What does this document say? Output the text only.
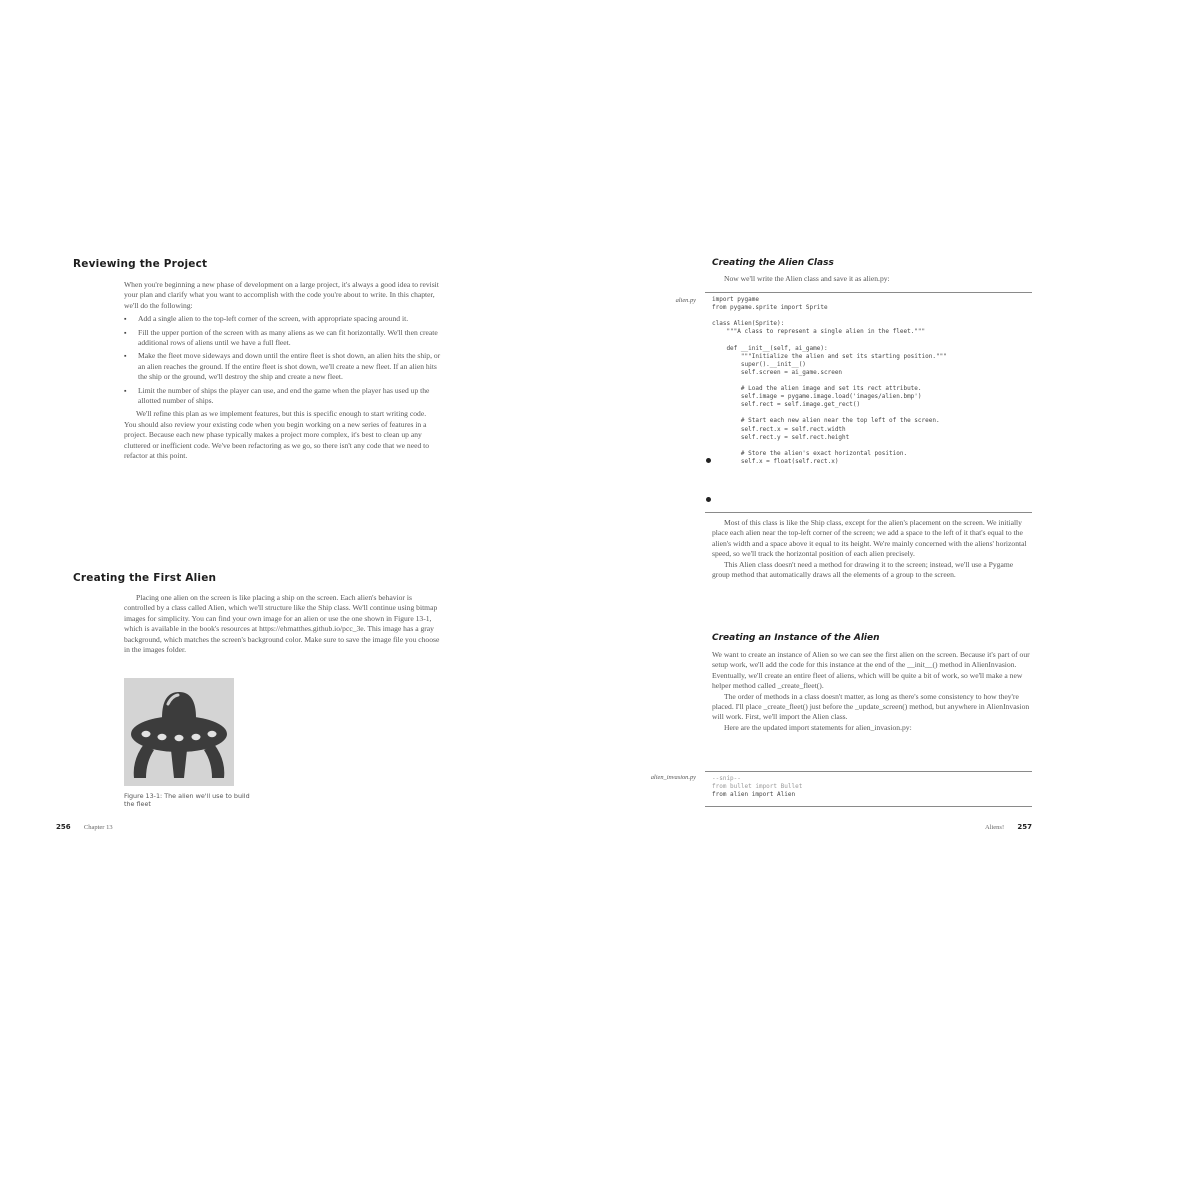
Reviewing the Project

When you're beginning a new phase of development on a large project, it's always a good idea to revisit your plan and clarify what you want to accomplish with the code you're about to write. In this chapter, we'll do the following:

▪ Add a single alien to the top-left corner of the screen, with appropriate spacing around it.
▪ Fill the upper portion of the screen with as many aliens as we can fit horizontally. We'll then create additional rows of aliens until we have a full fleet.
▪ Make the fleet move sideways and down until the entire fleet is shot down, an alien hits the ship, or an alien reaches the ground. If the entire fleet is shot down, we'll create a new fleet. If an alien hits the ship or the ground, we'll destroy the ship and create a new fleet.
▪ Limit the number of ships the player can use, and end the game when the player has used up the allotted number of ships.

We'll refine this plan as we implement features, but this is specific enough to start writing code.

You should also review your existing code when you begin working on a new series of features in a project. Because each new phase typically makes a project more complex, it's best to clean up any cluttered or inefficient code. We've been refactoring as we go, so there isn't any code that we need to refactor at this point.

Creating the First Alien

Placing one alien on the screen is like placing a ship on the screen. Each alien's behavior is controlled by a class called Alien, which we'll structure like the Ship class. We'll continue using bitmap images for simplicity. You can find your own image for an alien or use the one shown in Figure 13-1, which is available in the book's resources at https://ehmatthes.github.io/pcc_3e. This image has a gray background, which matches the screen's background color. Make sure to save the image file you choose in the images folder.

Figure 13-1: The alien we'll use to build the fleet
256 Chapter 13
Creating the Alien Class
Now we'll write the Alien class and save it as alien.py:
alien.py	import pygame
from pygame.sprite import Sprite

class Alien(Sprite):
"""A class to represent a single alien in the fleet."""

def __init__(self, ai_game):
"""Initialize the alien and set its starting position."""
super().__init__()
self.screen = ai_game.screen

# Load the alien image and set its rect attribute.
self.image = pygame.image.load('images/alien.bmp')
self.rect = self.image.get_rect()

# Start each new alien near the top left of the screen.
self.rect.x = self.rect.width
self.rect.y = self.rect.height

# Store the alien's exact horizontal position.
self.x = float(self.rect.x)

Most of this class is like the Ship class, except for the alien's placement on the screen. We initially place each alien near the top-left corner of the screen; we add a space to the left of it that's equal to the alien's width and a space above it equal to its height. We're mainly concerned with the aliens' horizontal speed, so we'll track the horizontal position of each alien precisely.

This Alien class doesn't need a method for drawing it to the screen; instead, we'll use a Pygame group method that automatically draws all the elements of a group to the screen.

Creating an Instance of the Alien

We want to create an instance of Alien so we can see the first alien on the screen. Because it's part of our setup work, we'll add the code for this instance at the end of the __init__() method in AlienInvasion. Eventually, we'll create an entire fleet of aliens, which will be quite a bit of work, so we'll make a new helper method called _create_fleet().

The order of methods in a class doesn't matter, as long as there's some consistency to how they're placed. I'll place _create_fleet() just before the _update_screen() method, but anywhere in AlienInvasion will work. First, we'll import the Alien class.

Here are the updated import statements for alien_invasion.py:

alien_invasion.py	--snip--
from bullet import Bullet
from alien import Alien
Aliens! 257
